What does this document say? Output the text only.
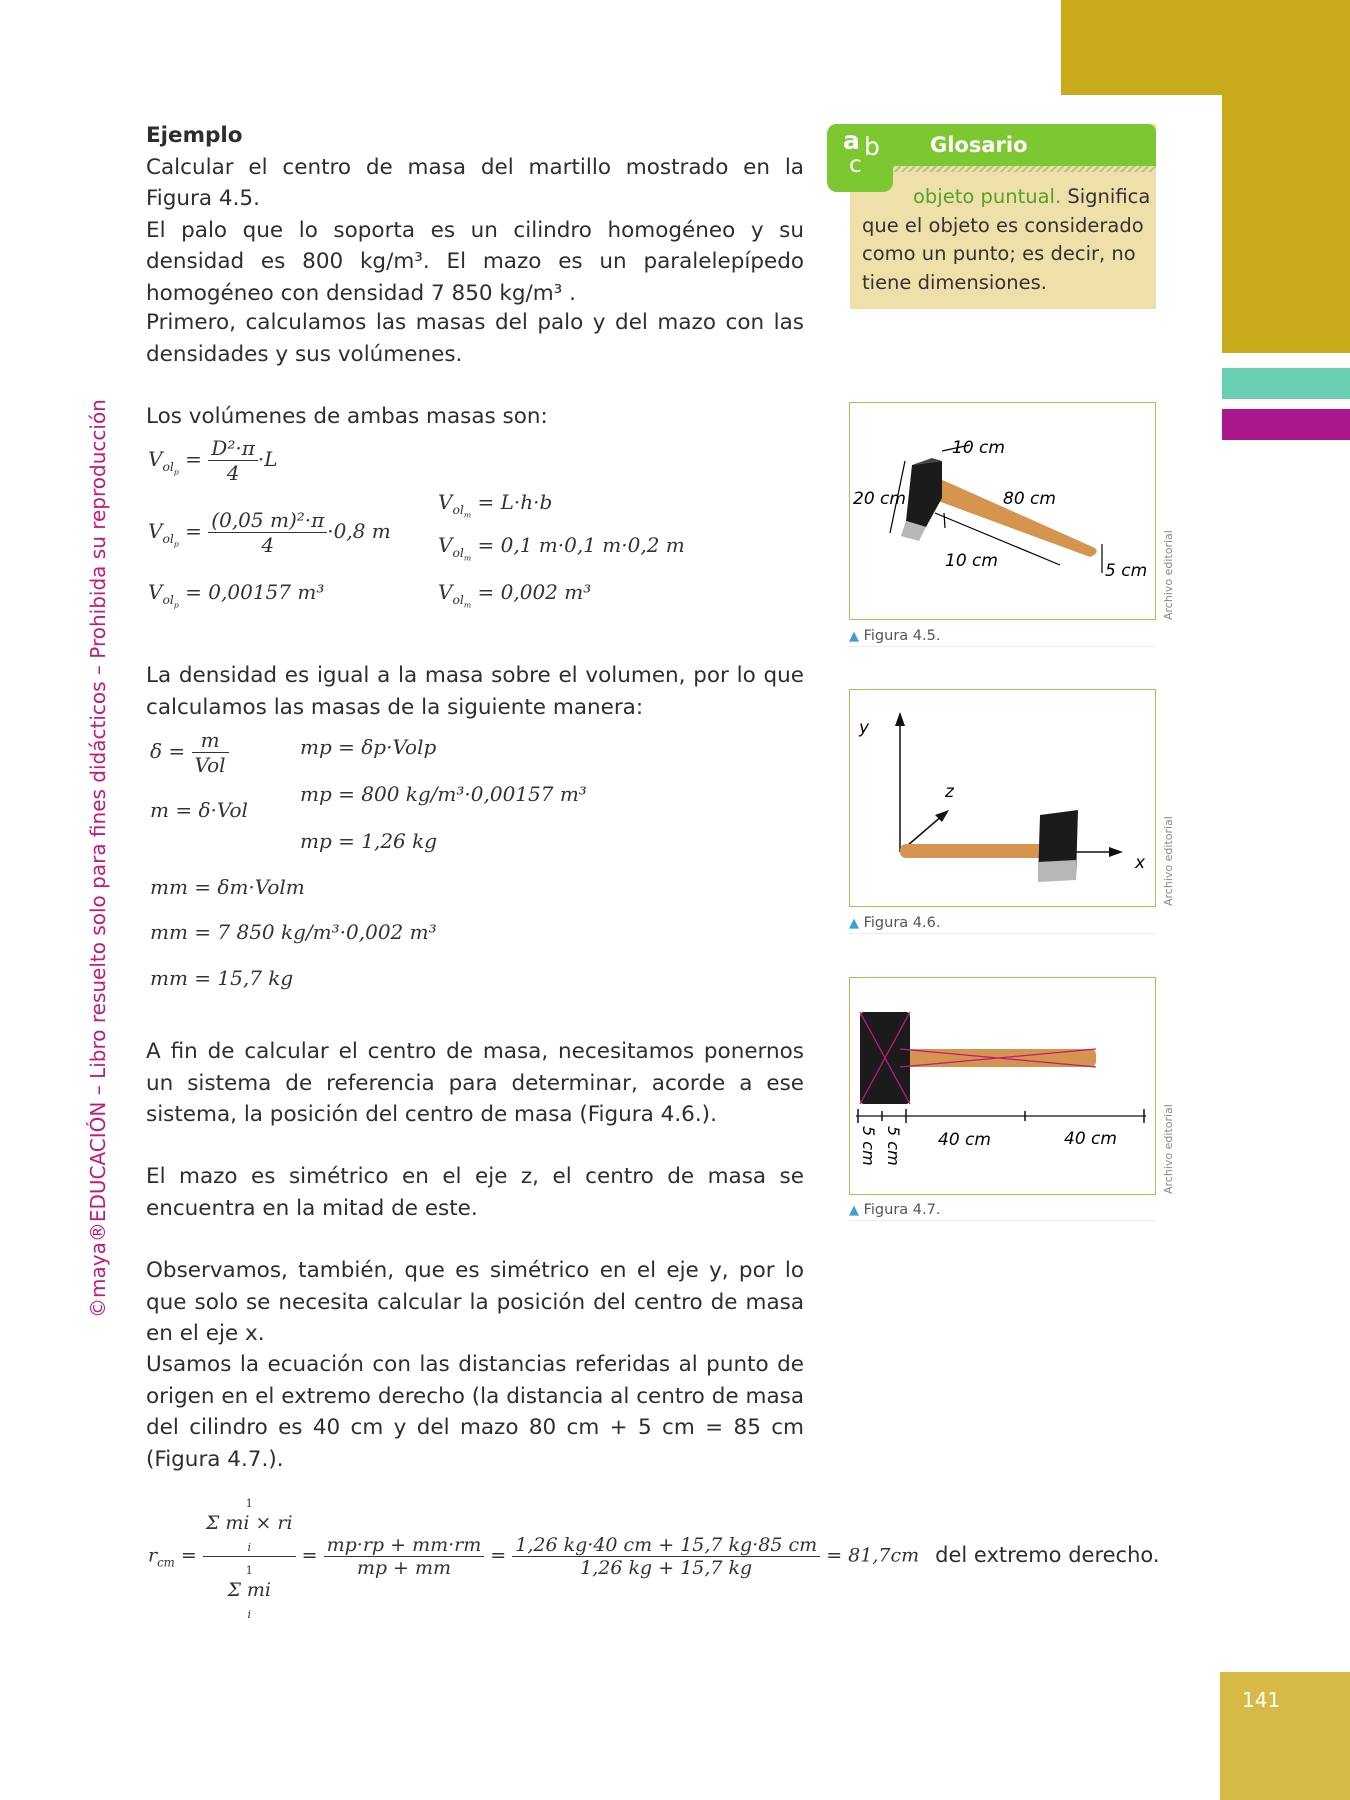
141
©maya®EDUCACIÓN – Libro resuelto solo para fines didácticos – Prohibida su reproducción

Ejemplo

Calcular el centro de masa del martillo mostrado en la Figura 4.5.

El palo que lo soporta es un cilindro homogéneo y su densidad es 800 kg/m³. El mazo es un paralelepípedo homogéneo con densidad 7 850 kg/m³ .

Primero, calculamos las masas del palo y del mazo con las densidades y sus volúmenes.

Los volúmenes de ambas masas son:

$V_{ol_p} = \frac{\text{D²·π}}{4} \cdot L$
$V_{ol_p} = \frac{\text{(0,05 m)²·π}}{4} \cdot 0,8$ m
$V_{ol_p} = 0,00157$ m³
$V_{ol_m} = L\cdot h\cdot b$
$V_{ol_m} = 0,1$ m·0,1 m·0,2 m
$V_{ol_m} = 0,002$ m³

La densidad es igual a la masa sobre el volumen, por lo que calculamos las masas de la siguiente manera:

$\delta = \frac{m}{\text{Vol}}$
m = δ·Vol
mp = δp·Volp
mp = 800 kg/m³·0,00157 m³
mp = 1,26 kg
mm = δm·Volm
mm = 7 850 kg/m³·0,002 m³
mm = 15,7 kg

A fin de calcular el centro de masa, necesitamos ponernos un sistema de referencia para determinar, acorde a ese sistema, la posición del centro de masa (Figura 4.6.).

El mazo es simétrico en el eje z, el centro de masa se encuentra en la mitad de este.

Observamos, también, que es simétrico en el eje y, por lo que solo se necesita calcular la posición del centro de masa en el eje x.

Usamos la ecuación con las distancias referidas al punto de origen en el extremo derecho (la distancia al centro de masa del cilindro es 40 cm y del mazo 80 cm + 5 cm = 85 cm (Figura 4.7.).

$r_{cm}$ =
1
Σ mi × ri
i
1
Σ mi
i
= $\frac{mp\cdot rp + mm\cdot rm}{mp + mm} = \frac{1,26 kg\cdot 40 cm + 15,7 kg\cdot 85 cm}{1,26 kg + 15,7 kg} = 81,7cm$ del extremo derecho.
Glosario
objeto puntual. Significa que el objeto es considerado como un punto; es decir, no tiene dimensiones.
a b
c
10 cm
20 cm	80 cm
10 cm	5 cm Archivo editorial
▲ Figura 4.5.
y
z
x Archivo editorial
▲ Figura 4.6.
5 cm 5 cm 40 cm	40 cm	Archivo editorial
▲ Figura 4.7.
